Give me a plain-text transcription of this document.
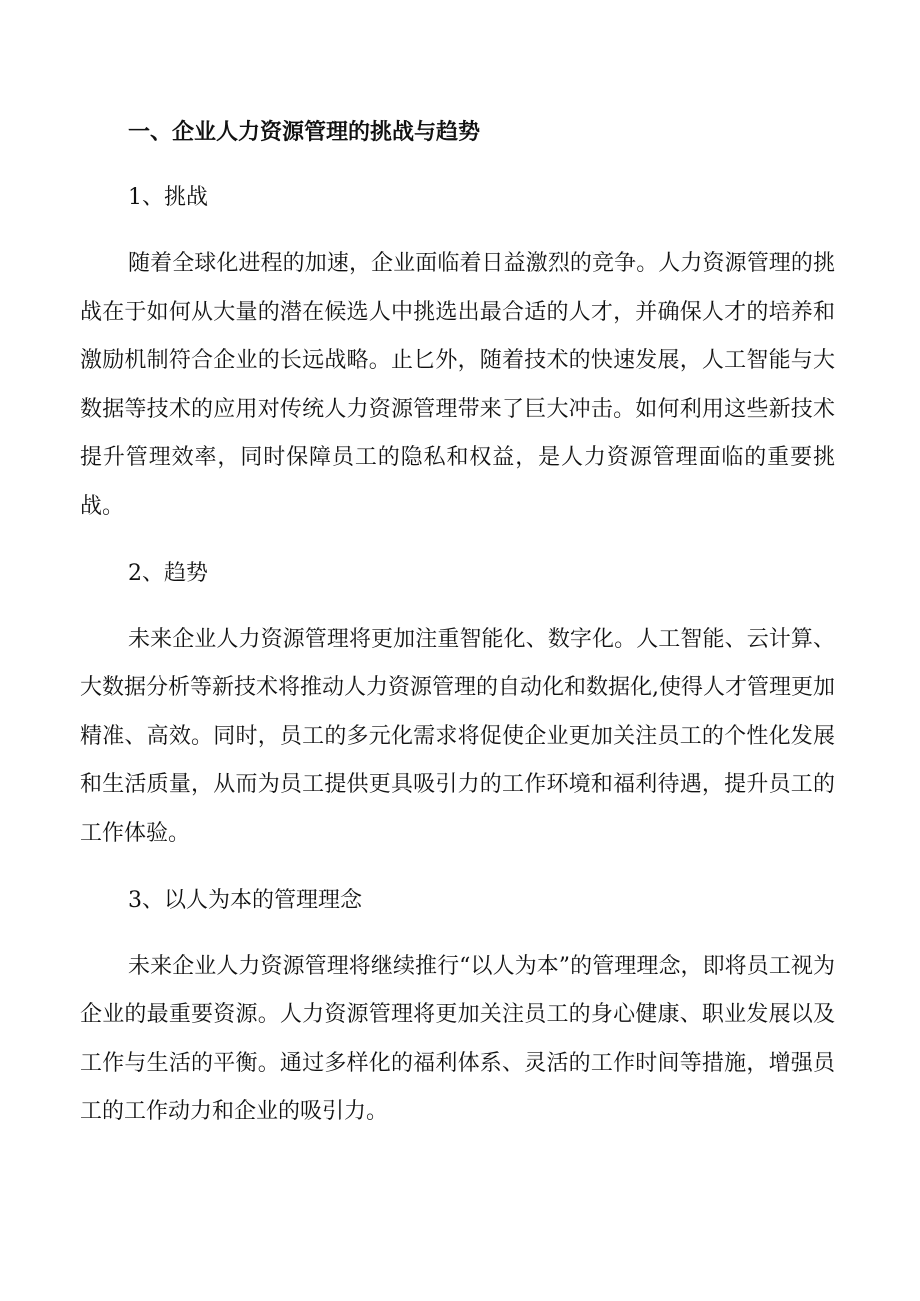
一、企业人力资源管理的挑战与趋势
1、挑战
随着全球化进程的加速，企业面临着日益激烈的竞争。人力资源管理的挑战在于如何从大量的潜在候选人中挑选出最合适的人才，并确保人才的培养和激励机制符合企业的长远战略。止匕外，随着技术的快速发展，人工智能与大数据等技术的应用对传统人力资源管理带来了巨大冲击。如何利用这些新技术提升管理效率，同时保障员工的隐私和权益，是人力资源管理面临的重要挑战。
2、趋势
未来企业人力资源管理将更加注重智能化、数字化。人工智能、云计算、大数据分析等新技术将推动人力资源管理的自动化和数据化,使得人才管理更加精准、高效。同时，员工的多元化需求将促使企业更加关注员工的个性化发展和生活质量，从而为员工提供更具吸引力的工作环境和福利待遇，提升员工的工作体验。
3、以人为本的管理理念
未来企业人力资源管理将继续推行“以人为本”的管理理念，即将员工视为企业的最重要资源。人力资源管理将更加关注员工的身心健康、职业发展以及工作与生活的平衡。通过多样化的福利体系、灵活的工作时间等措施，增强员工的工作动力和企业的吸引力。
